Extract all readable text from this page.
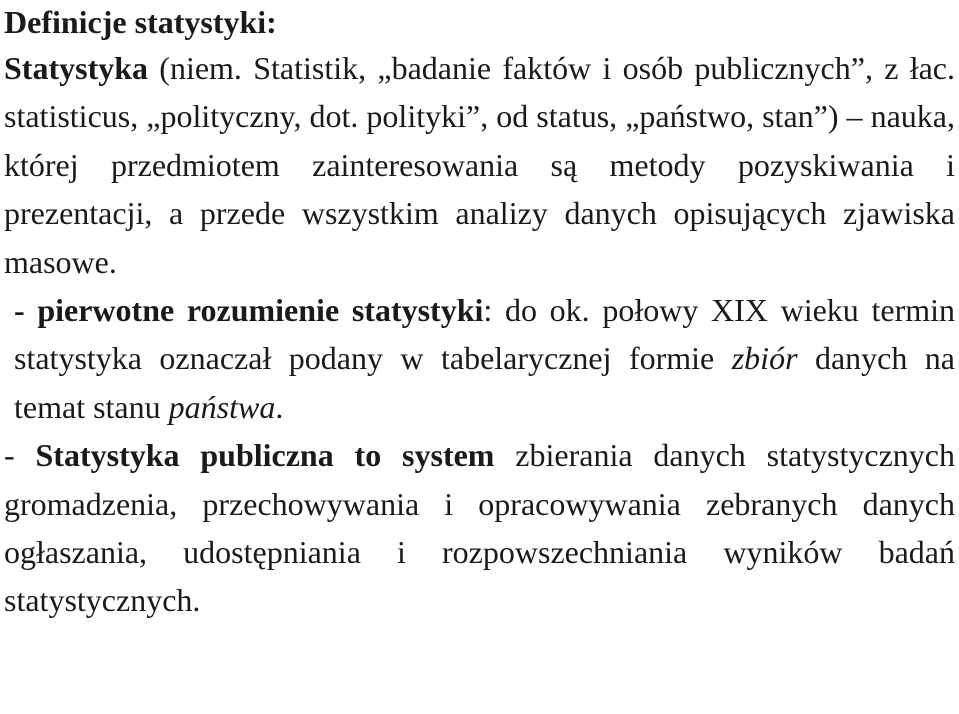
Definicje statystyki:

Statystyka (niem. Statistik, „badanie faktów i osób publicznych”, z łac. statisticus, „polityczny, dot. polityki”, od status, „państwo, stan”) – nauka, której przedmiotem zainteresowania są metody pozyskiwania i prezentacji, a przede wszystkim analizy danych opisujących zjawiska masowe.

- pierwotne rozumienie statystyki: do ok. połowy XIX wieku termin statystyka oznaczał podany w tabelarycznej formie zbiór danych na temat stanu państwa.

- Statystyka publiczna to system zbierania danych statystycznych gromadzenia, przechowywania i opracowywania zebranych danych ogłaszania, udostępniania i rozpowszechniania wyników badań statystycznych.
